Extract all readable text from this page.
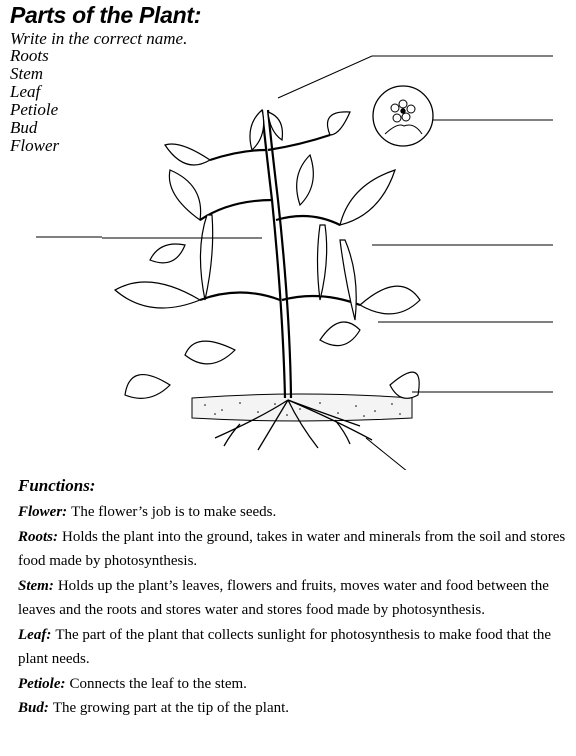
Parts of the Plant:
Write in the correct name.
Roots
Stem
Leaf
Petiole
Bud
Flower
Functions:

Flower: The flower’s job is to make seeds.

Roots: Holds the plant into the ground, takes in water and minerals from the soil and stores food made by photosynthesis.

Stem: Holds up the plant’s leaves, flowers and fruits, moves water and food between the leaves and the roots and stores water and stores food made by photosynthesis.

Leaf: The part of the plant that collects sunlight for photosynthesis to make food that the plant needs.

Petiole: Connects the leaf to the stem.

Bud: The growing part at the tip of the plant.
